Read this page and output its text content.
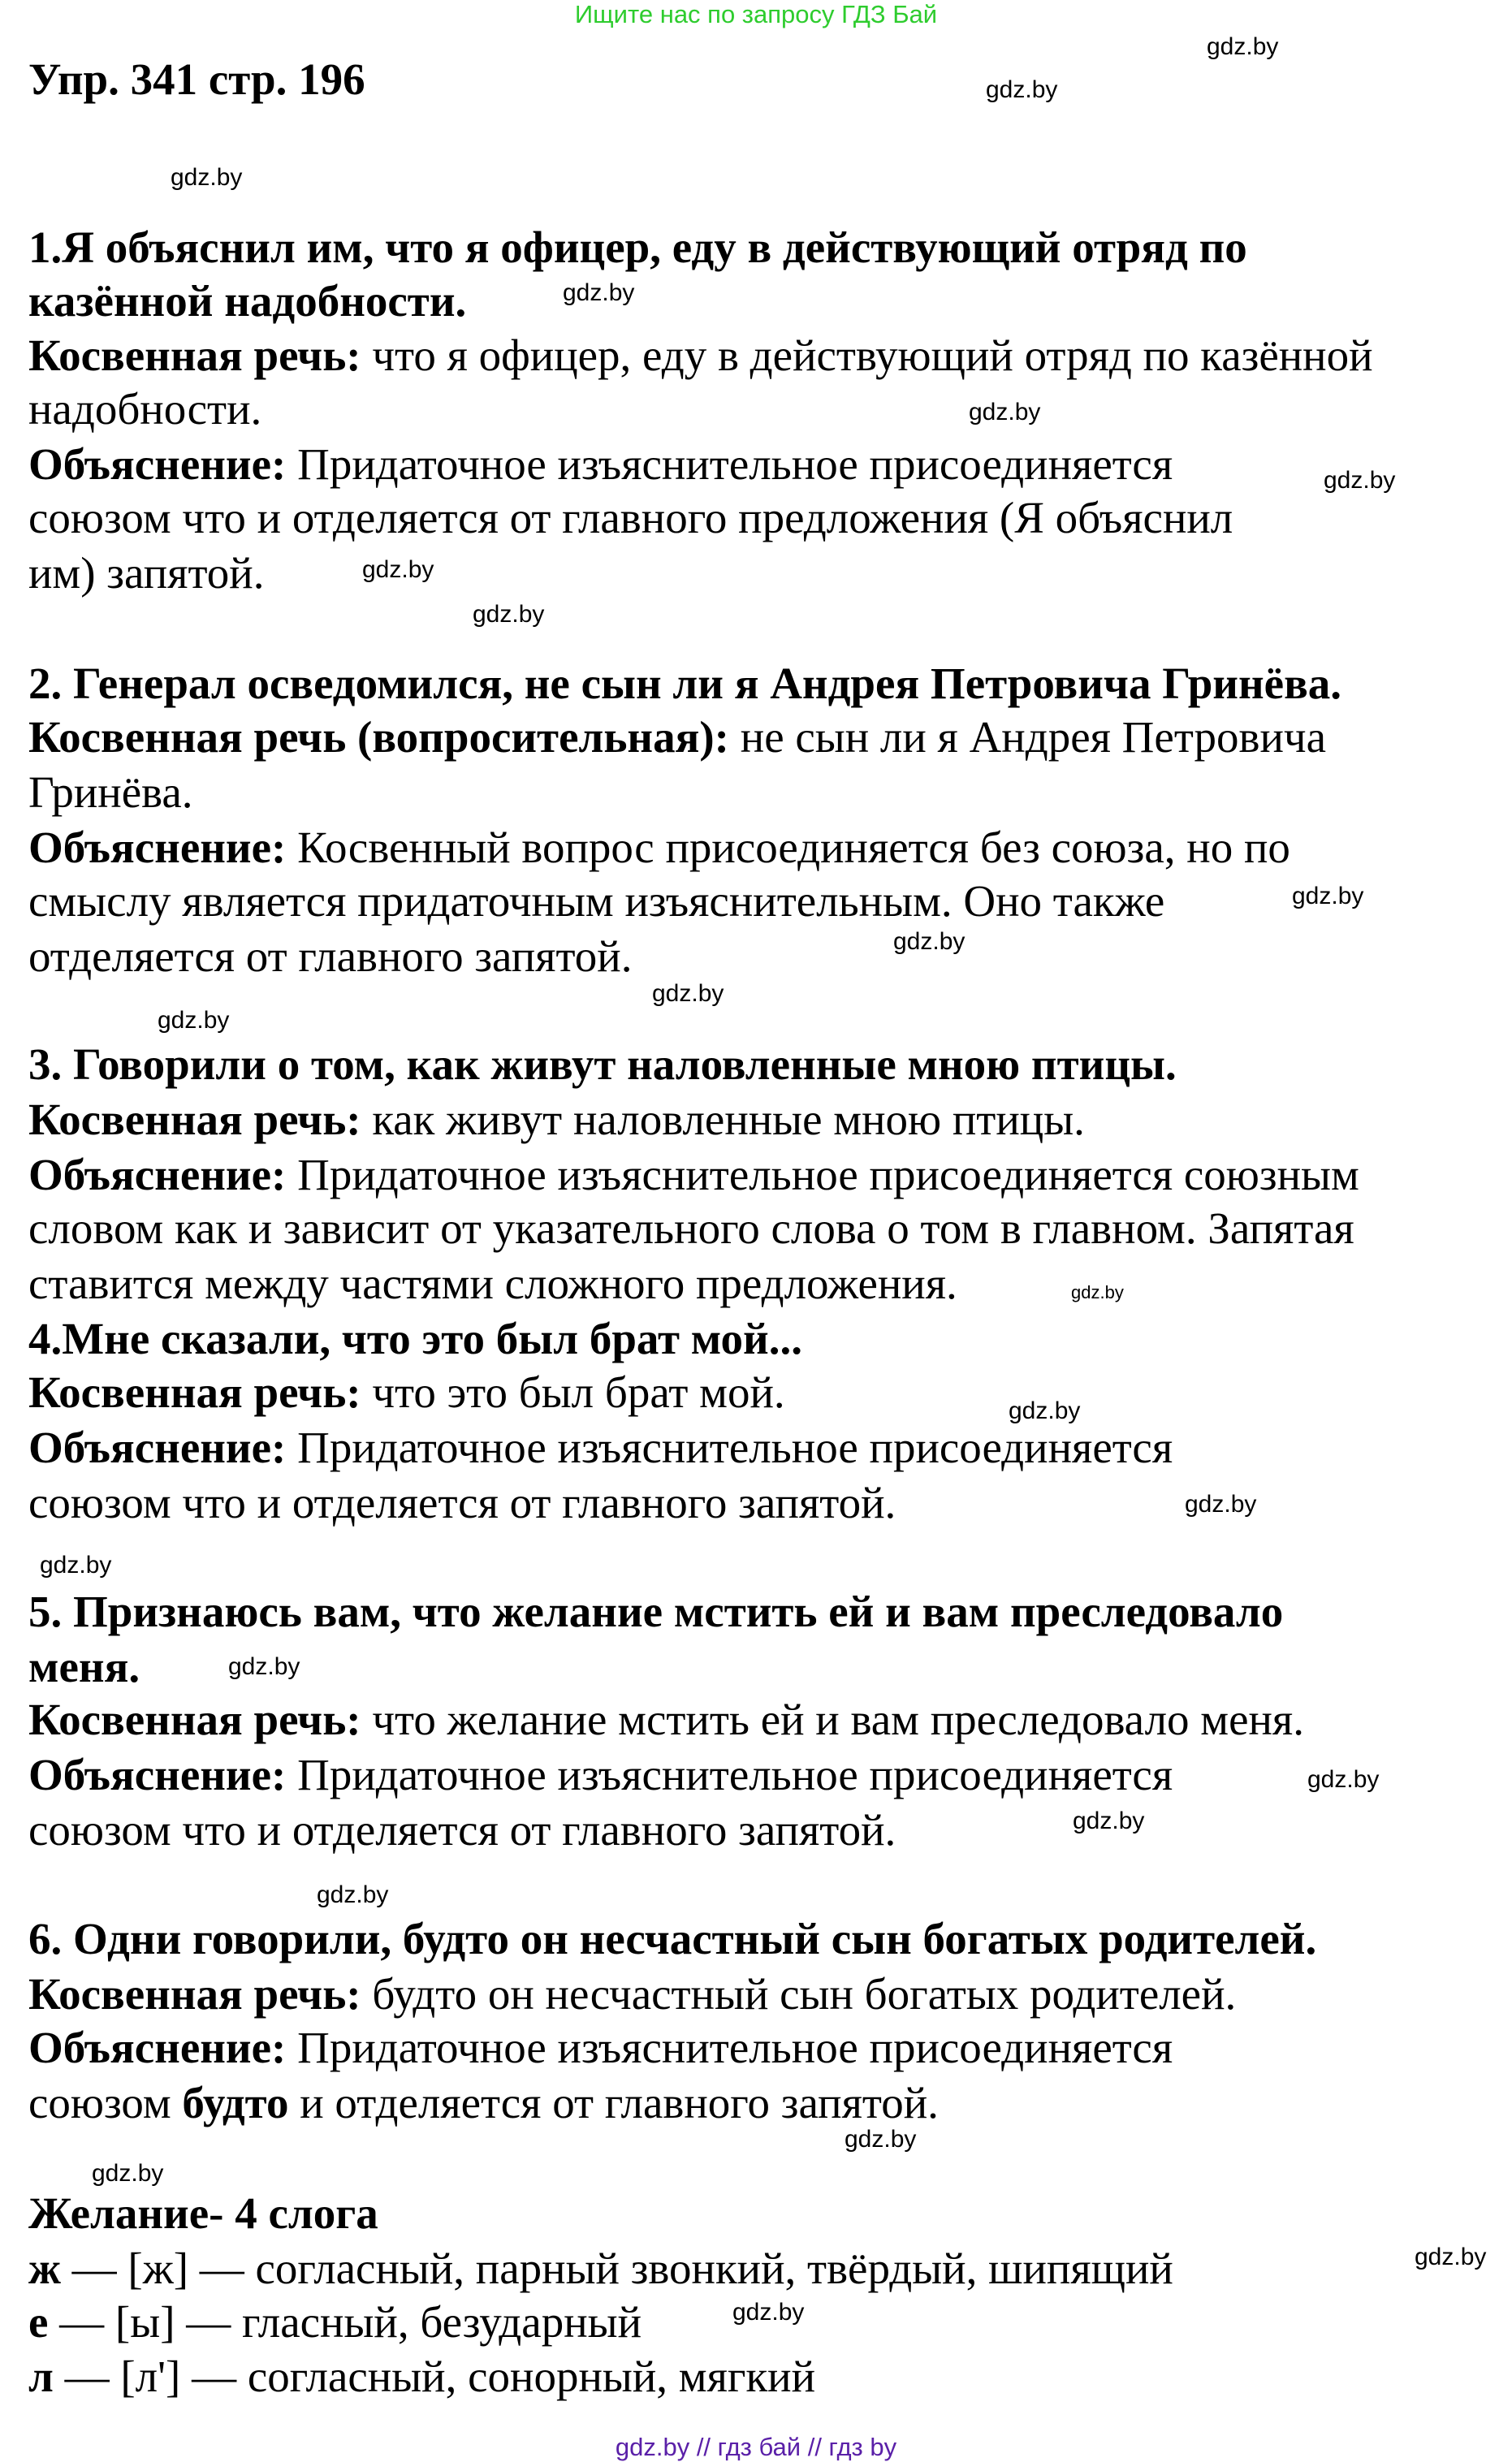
Ищите нас по запросу ГДЗ Бай
Упр. 341 стр. 196
1.Я объяснил им, что я офицер, еду в действующий отряд по
казённой надобности.
Косвенная речь: что я офицер, еду в действующий отряд по казённой
надобности.
Объяснение: Придаточное изъяснительное присоединяется
союзом что и отделяется от главного предложения (Я объяснил
им) запятой.
2. Генерал осведомился, не сын ли я Андрея Петровича Гринёва.
Косвенная речь (вопросительная): не сын ли я Андрея Петровича
Гринёва.
Объяснение: Косвенный вопрос присоединяется без союза, но по
смыслу является придаточным изъяснительным. Оно также
отделяется от главного запятой.
3. Говорили о том, как живут наловленные мною птицы.
Косвенная речь: как живут наловленные мною птицы.
Объяснение: Придаточное изъяснительное присоединяется союзным
словом как и зависит от указательного слова о том в главном. Запятая
ставится между частями сложного предложения.
4.Мне сказали, что это был брат мой...
Косвенная речь: что это был брат мой.
Объяснение: Придаточное изъяснительное присоединяется
союзом что и отделяется от главного запятой.
5. Признаюсь вам, что желание мстить ей и вам преследовало
меня.
Косвенная речь: что желание мстить ей и вам преследовало меня.
Объяснение: Придаточное изъяснительное присоединяется
союзом что и отделяется от главного запятой.
6. Одни говорили, будто он несчастный сын богатых родителей.
Косвенная речь: будто он несчастный сын богатых родителей.
Объяснение: Придаточное изъяснительное присоединяется
союзом будто и отделяется от главного запятой.
Желание- 4 слога
ж — [ж] — согласный, парный звонкий, твёрдый, шипящий
е — [ы] — гласный, безударный
л — [л'] — согласный, сонорный, мягкий
gdz.by
gdz.by
gdz.by
gdz.by
gdz.by
gdz.by
gdz.by
gdz.by
gdz.by
gdz.by
gdz.by
gdz.by
gdz.by
gdz.by
gdz.by
gdz.by
gdz.by
gdz.by
gdz.by
gdz.by
gdz.by
gdz.by
gdz.by
gdz.by
gdz.by // гдз бай // гдз by
